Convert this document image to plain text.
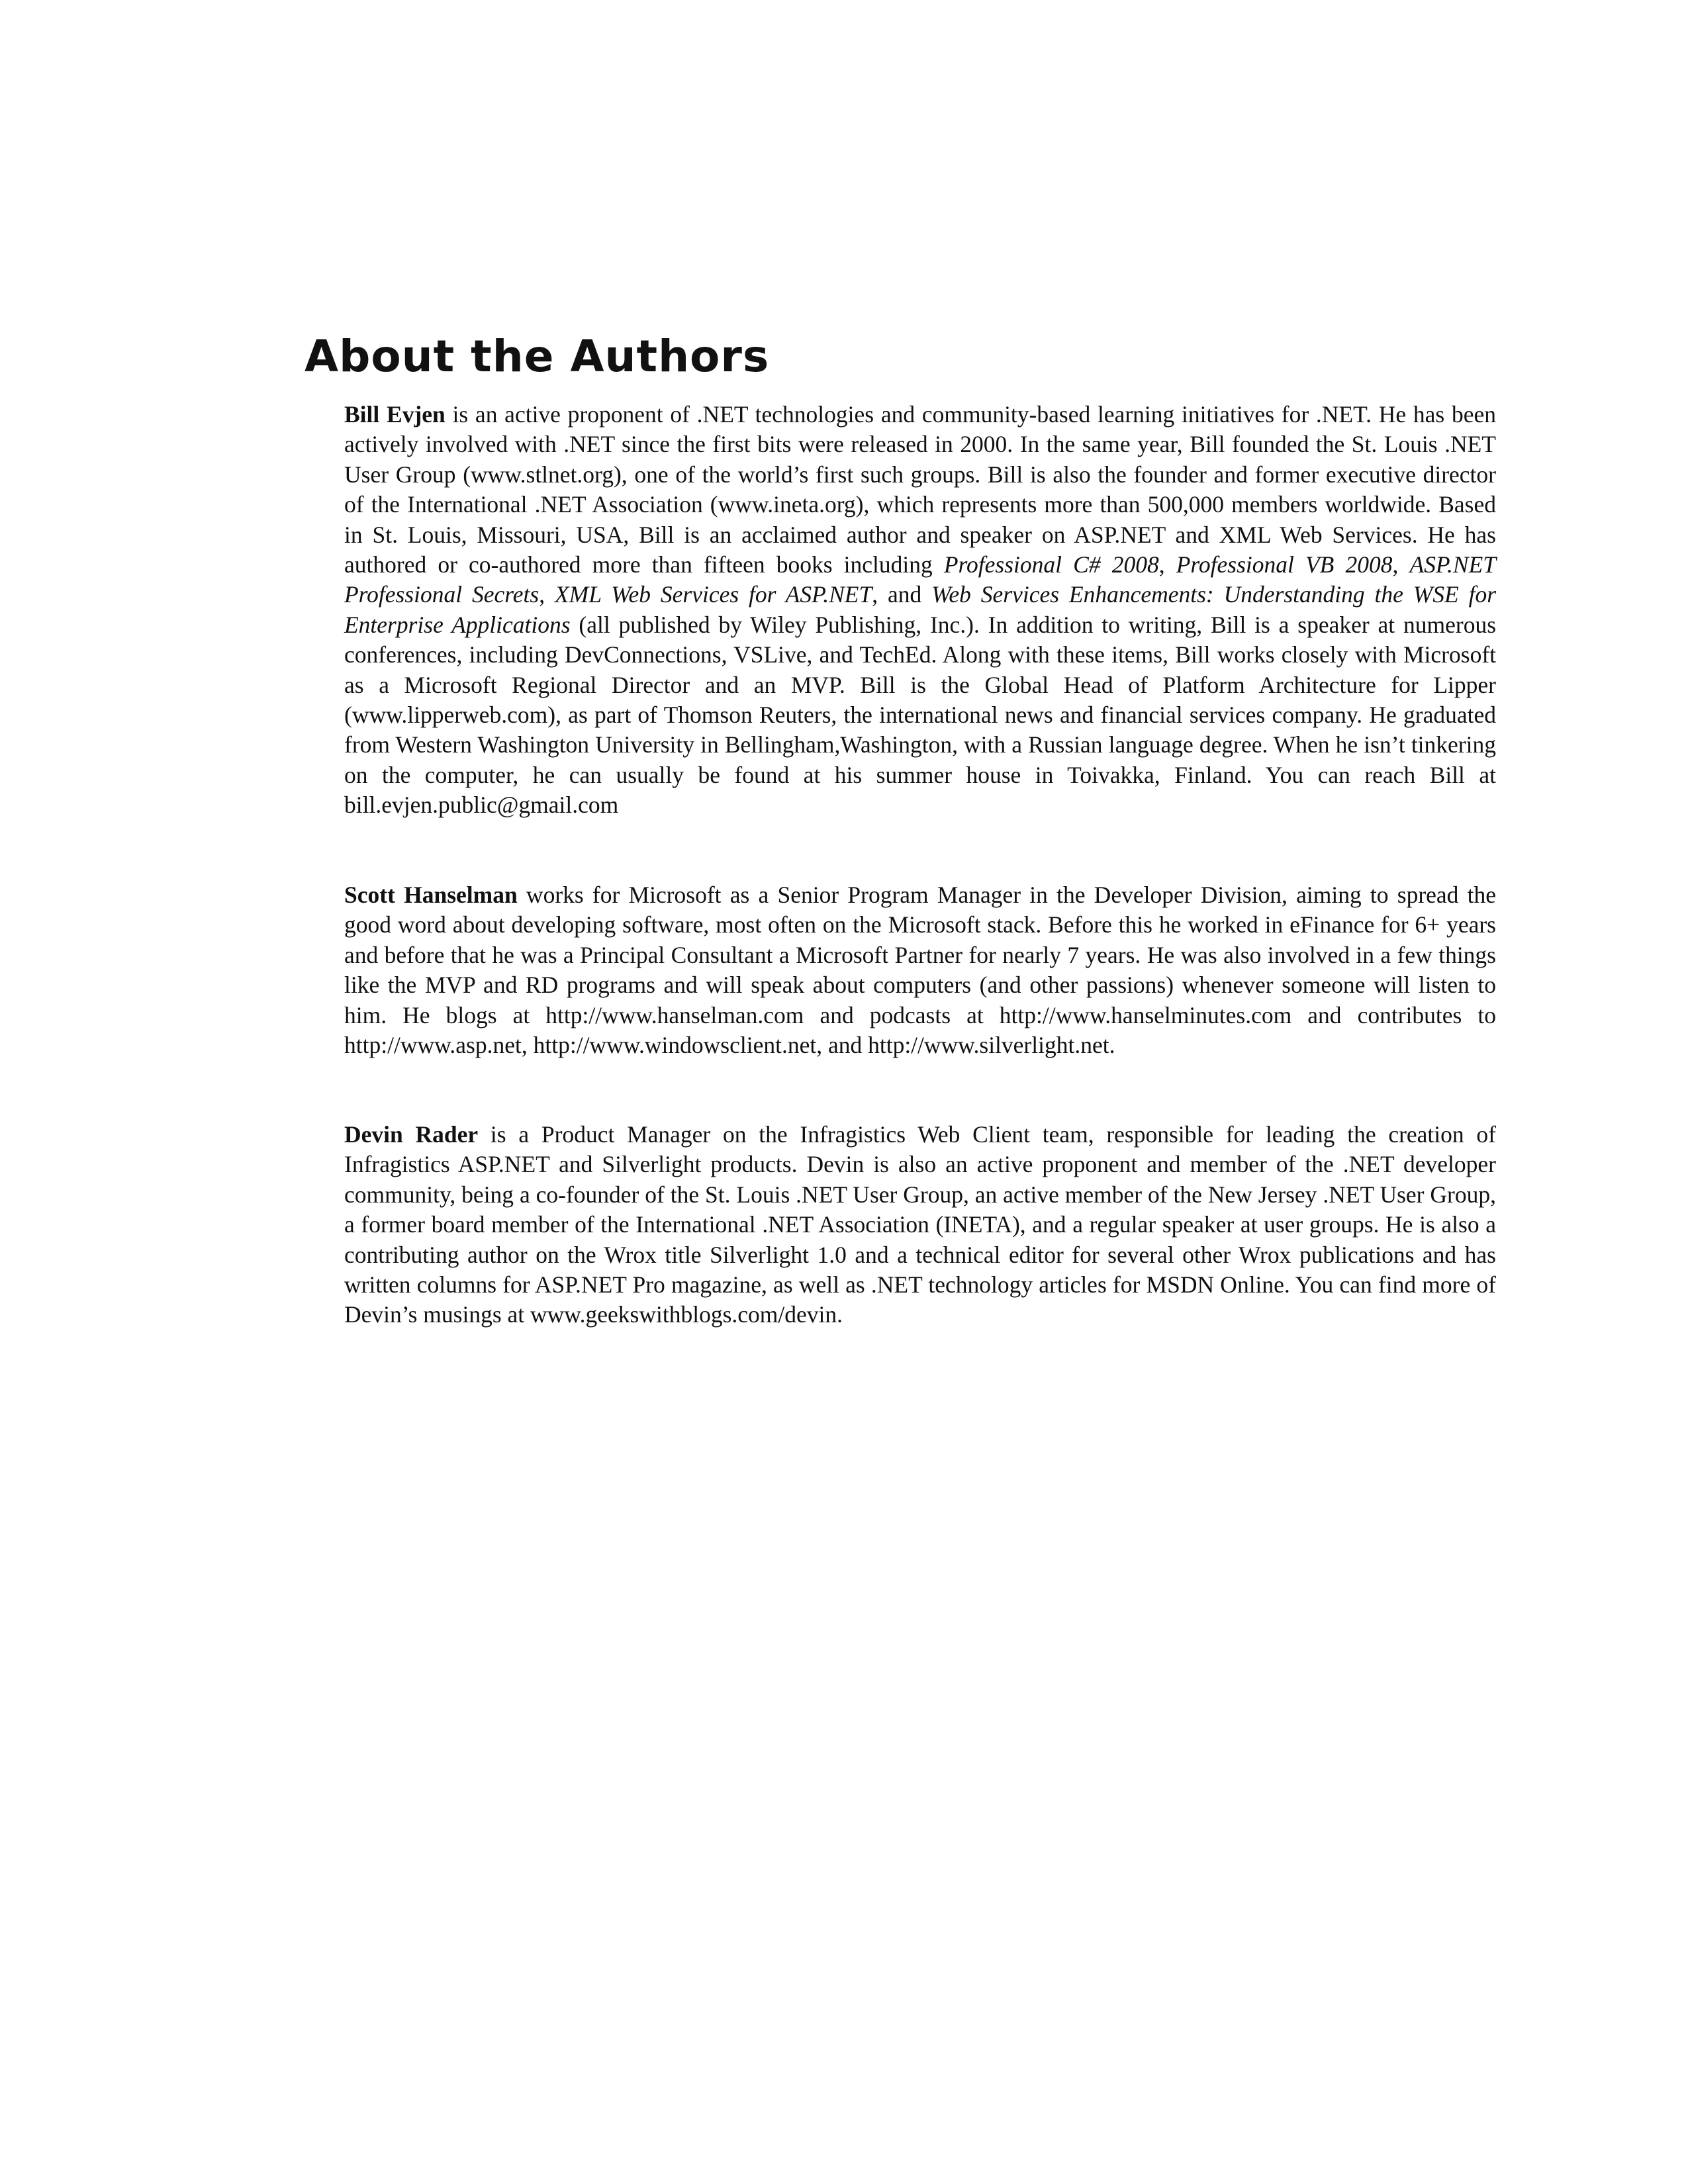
About the Authors

Bill Evjen is an active proponent of .NET technologies and community-based learning initiatives for .NET. He has been actively involved with .NET since the first bits were released in 2000. In the same year, Bill founded the St. Louis .NET User Group (www.stlnet.org), one of the world’s first such groups. Bill is also the founder and former executive director of the International .NET Association (www.ineta.org), which represents more than 500,000 members worldwide. Based in St. Louis, Missouri, USA, Bill is an acclaimed author and speaker on ASP.NET and XML Web Services. He has authored or co-authored more than fifteen books including Professional C# 2008, Professional VB 2008, ASP.NET Professional Secrets, XML Web Services for ASP.NET, and Web Services Enhancements: Understanding the WSE for Enterprise Applications (all published by Wiley Publishing, Inc.). In addition to writing, Bill is a speaker at numerous conferences, including DevConnections, VSLive, and TechEd. Along with these items, Bill works closely with Microsoft as a Microsoft Regional Director and an MVP. Bill is the Global Head of Platform Architecture for Lipper (www.lipperweb.com), as part of Thomson Reuters, the international news and financial services company. He graduated from Western Washington University in Bellingham,Washington, with a Russian language degree. When he isn’t tinkering on the computer, he can usually be found at his summer house in Toivakka, Finland. You can reach Bill at bill.evjen.public@gmail.com

Scott Hanselman works for Microsoft as a Senior Program Manager in the Developer Division, aiming to spread the good word about developing software, most often on the Microsoft stack. Before this he worked in eFinance for 6+ years and before that he was a Principal Consultant a Microsoft Partner for nearly 7 years. He was also involved in a few things like the MVP and RD programs and will speak about computers (and other passions) whenever someone will listen to him. He blogs at http://www.hanselman.com and podcasts at http://www.hanselminutes.com and contributes to http://www.asp.net, http://www.windowsclient.net, and http://www.silverlight.net.

Devin Rader is a Product Manager on the Infragistics Web Client team, responsible for leading the creation of Infragistics ASP.NET and Silverlight products. Devin is also an active proponent and member of the .NET developer community, being a co-founder of the St. Louis .NET User Group, an active member of the New Jersey .NET User Group, a former board member of the International .NET Association (INETA), and a regular speaker at user groups. He is also a contributing author on the Wrox title Silverlight 1.0 and a technical editor for several other Wrox publications and has written columns for ASP.NET Pro magazine, as well as .NET technology articles for MSDN Online. You can find more of Devin’s musings at www.geekswithblogs.com/devin.
